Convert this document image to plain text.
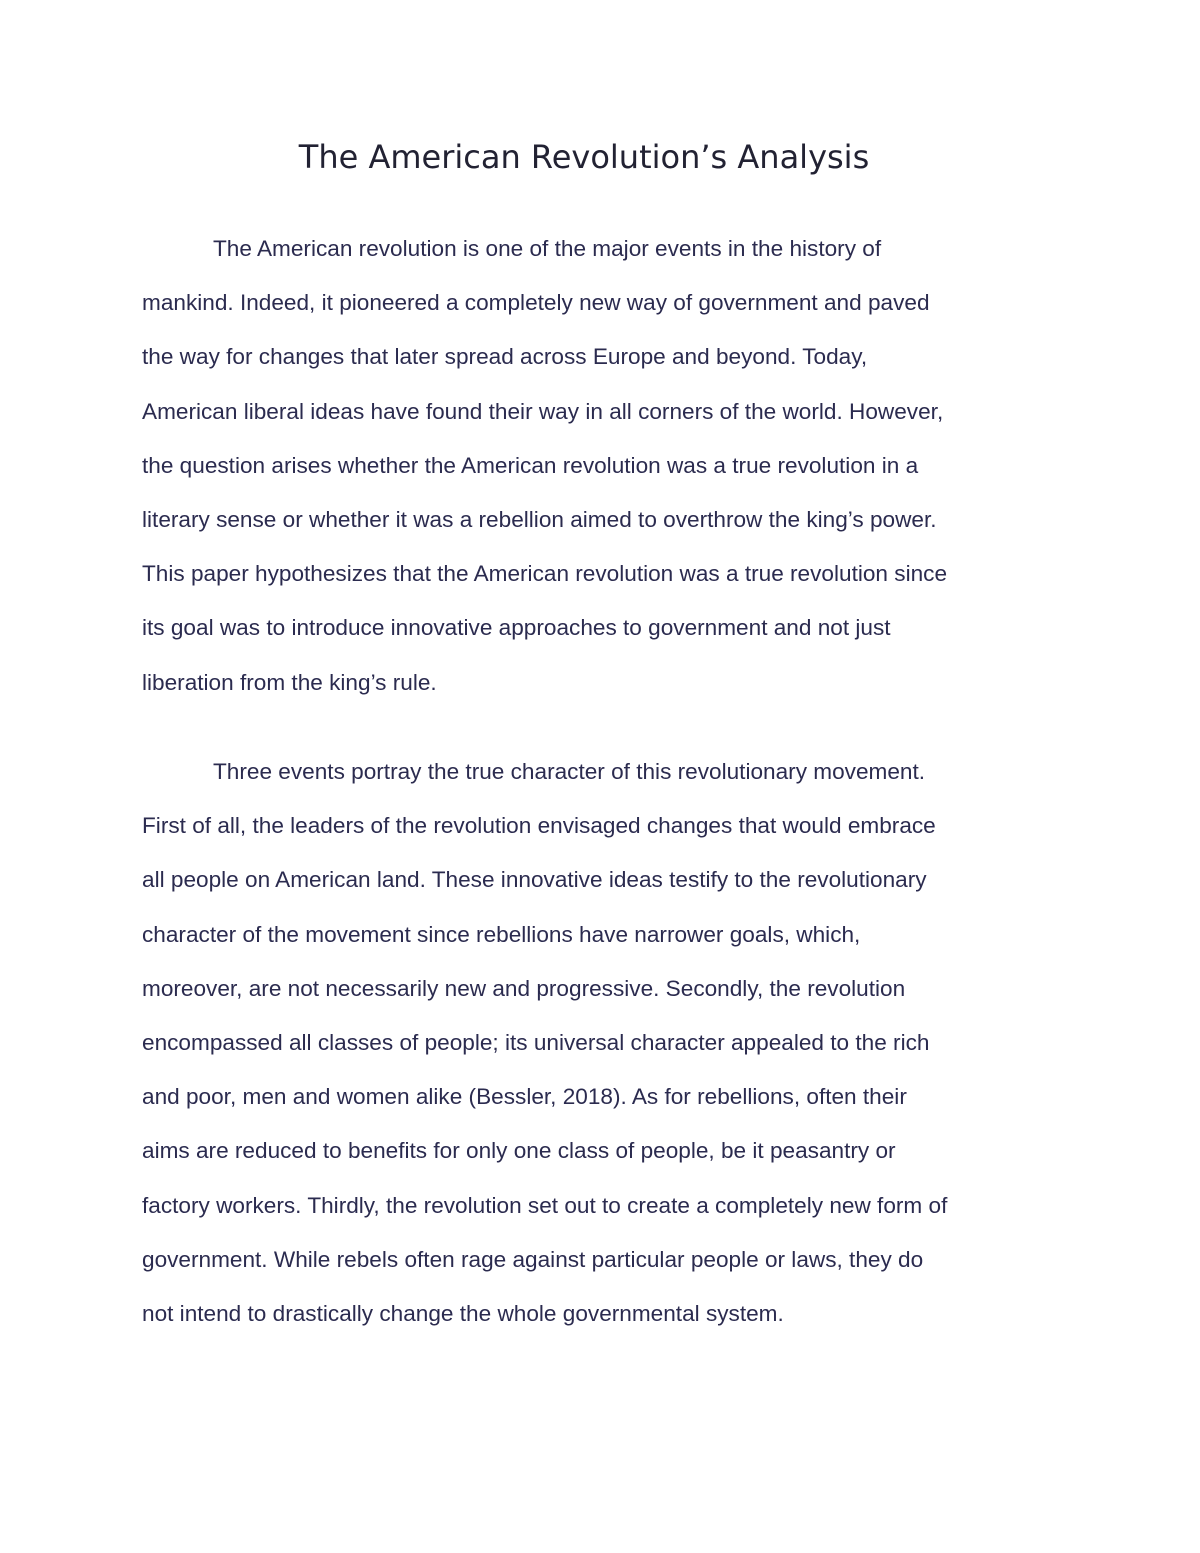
The American Revolution’s Analysis
The American revolution is one of the major events in the history of
mankind. Indeed, it pioneered a completely new way of government and paved
the way for changes that later spread across Europe and beyond. Today,
American liberal ideas have found their way in all corners of the world. However,
the question arises whether the American revolution was a true revolution in a
literary sense or whether it was a rebellion aimed to overthrow the king’s power.
This paper hypothesizes that the American revolution was a true revolution since
its goal was to introduce innovative approaches to government and not just
liberation from the king’s rule.
Three events portray the true character of this revolutionary movement.
First of all, the leaders of the revolution envisaged changes that would embrace
all people on American land. These innovative ideas testify to the revolutionary
character of the movement since rebellions have narrower goals, which,
moreover, are not necessarily new and progressive. Secondly, the revolution
encompassed all classes of people; its universal character appealed to the rich
and poor, men and women alike (Bessler, 2018). As for rebellions, often their
aims are reduced to benefits for only one class of people, be it peasantry or
factory workers. Thirdly, the revolution set out to create a completely new form of
government. While rebels often rage against particular people or laws, they do
not intend to drastically change the whole governmental system.
